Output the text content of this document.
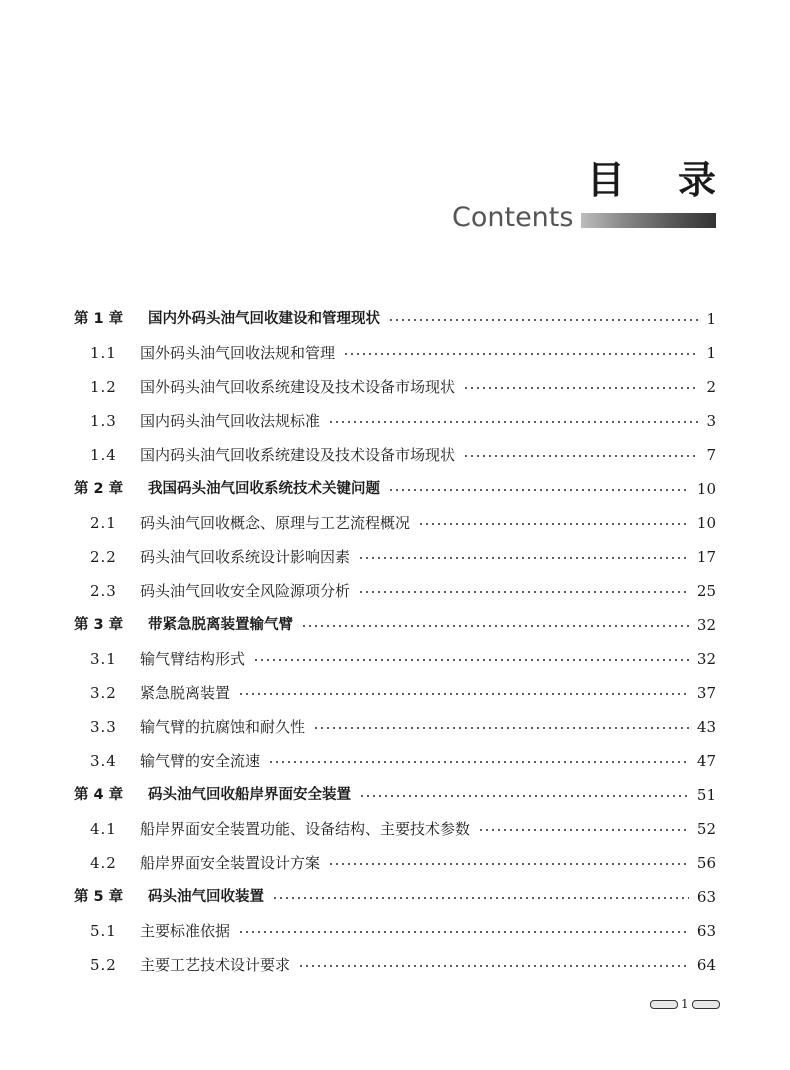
目 录
Contents
第 1 章	国内外码头油气回收建设和管理现状	1
1.1	国外码头油气回收法规和管理	1
1.2	国外码头油气回收系统建设及技术设备市场现状	2
1.3	国内码头油气回收法规标准	3
1.4	国内码头油气回收系统建设及技术设备市场现状	7
第 2 章	我国码头油气回收系统技术关键问题	10
2.1	码头油气回收概念、原理与工艺流程概况	10
2.2	码头油气回收系统设计影响因素	17
2.3	码头油气回收安全风险源项分析	25
第 3 章	带紧急脱离装置输气臂	32
3.1	输气臂结构形式	32
3.2	紧急脱离装置	37
3.3	输气臂的抗腐蚀和耐久性	43
3.4	输气臂的安全流速	47
第 4 章	码头油气回收船岸界面安全装置	51
4.1	船岸界面安全装置功能、设备结构、主要技术参数	52
4.2	船岸界面安全装置设计方案	56
第 5 章	码头油气回收装置	63
5.1	主要标准依据	63
5.2	主要工艺技术设计要求	64
1
